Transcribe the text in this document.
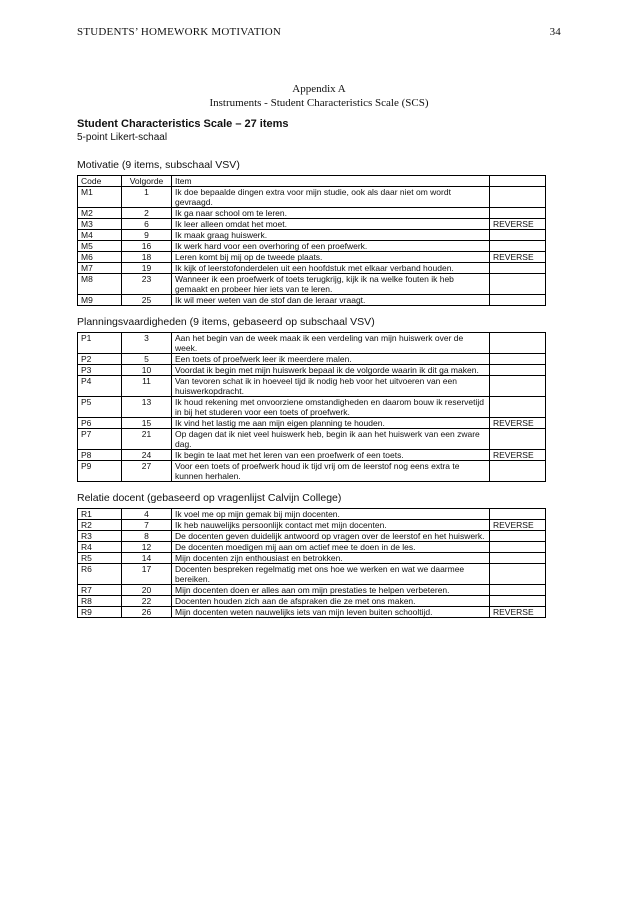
STUDENTS’ HOMEWORK MOTIVATION	34
Appendix A
Instruments - Student Characteristics Scale (SCS)
Student Characteristics Scale – 27 items
5-point Likert-schaal
Motivatie (9 items, subschaal VSV)
Code	Volgorde	Item	
M1	1	Ik doe bepaalde dingen extra voor mijn studie, ook als daar niet om wordt gevraagd.	
M2	2	Ik ga naar school om te leren.	
M3	6	Ik leer alleen omdat het moet.	REVERSE
M4	9	Ik maak graag huiswerk.	
M5	16	Ik werk hard voor een overhoring of een proefwerk.	
M6	18	Leren komt bij mij op de tweede plaats.	REVERSE
M7	19	Ik kijk of leerstofonderdelen uit een hoofdstuk met elkaar verband houden.	
M8	23	Wanneer ik een proefwerk of toets terugkrijg, kijk ik na welke fouten ik heb gemaakt en probeer hier iets van te leren.	
M9	25	Ik wil meer weten van de stof dan de leraar vraagt.	
Planningsvaardigheden (9 items, gebaseerd op subschaal VSV)
P1	3	Aan het begin van de week maak ik een verdeling van mijn huiswerk over de week.	
P2	5	Een toets of proefwerk leer ik meerdere malen.	
P3	10	Voordat ik begin met mijn huiswerk bepaal ik de volgorde waarin ik dit ga maken.	
P4	11	Van tevoren schat ik in hoeveel tijd ik nodig heb voor het uitvoeren van een huiswerkopdracht.	
P5	13	Ik houd rekening met onvoorziene omstandigheden en daarom bouw ik reservetijd in bij het studeren voor een toets of proefwerk.	
P6	15	Ik vind het lastig me aan mijn eigen planning te houden.	REVERSE
P7	21	Op dagen dat ik niet veel huiswerk heb, begin ik aan het huiswerk van een zware dag.	
P8	24	Ik begin te laat met het leren van een proefwerk of een toets.	REVERSE
P9	27	Voor een toets of proefwerk houd ik tijd vrij om de leerstof nog eens extra te kunnen herhalen.	
Relatie docent (gebaseerd op vragenlijst Calvijn College)
R1	4	Ik voel me op mijn gemak bij mijn docenten.	
R2	7	Ik heb nauwelijks persoonlijk contact met mijn docenten.	REVERSE
R3	8	De docenten geven duidelijk antwoord op vragen over de leerstof en het huiswerk.	
R4	12	De docenten moedigen mij aan om actief mee te doen in de les.	
R5	14	Mijn docenten zijn enthousiast en betrokken.	
R6	17	Docenten bespreken regelmatig met ons hoe we werken en wat we daarmee bereiken.	
R7	20	Mijn docenten doen er alles aan om mijn prestaties te helpen verbeteren.	
R8	22	Docenten houden zich aan de afspraken die ze met ons maken.	
R9	26	Mijn docenten weten nauwelijks iets van mijn leven buiten schooltijd.	REVERSE
